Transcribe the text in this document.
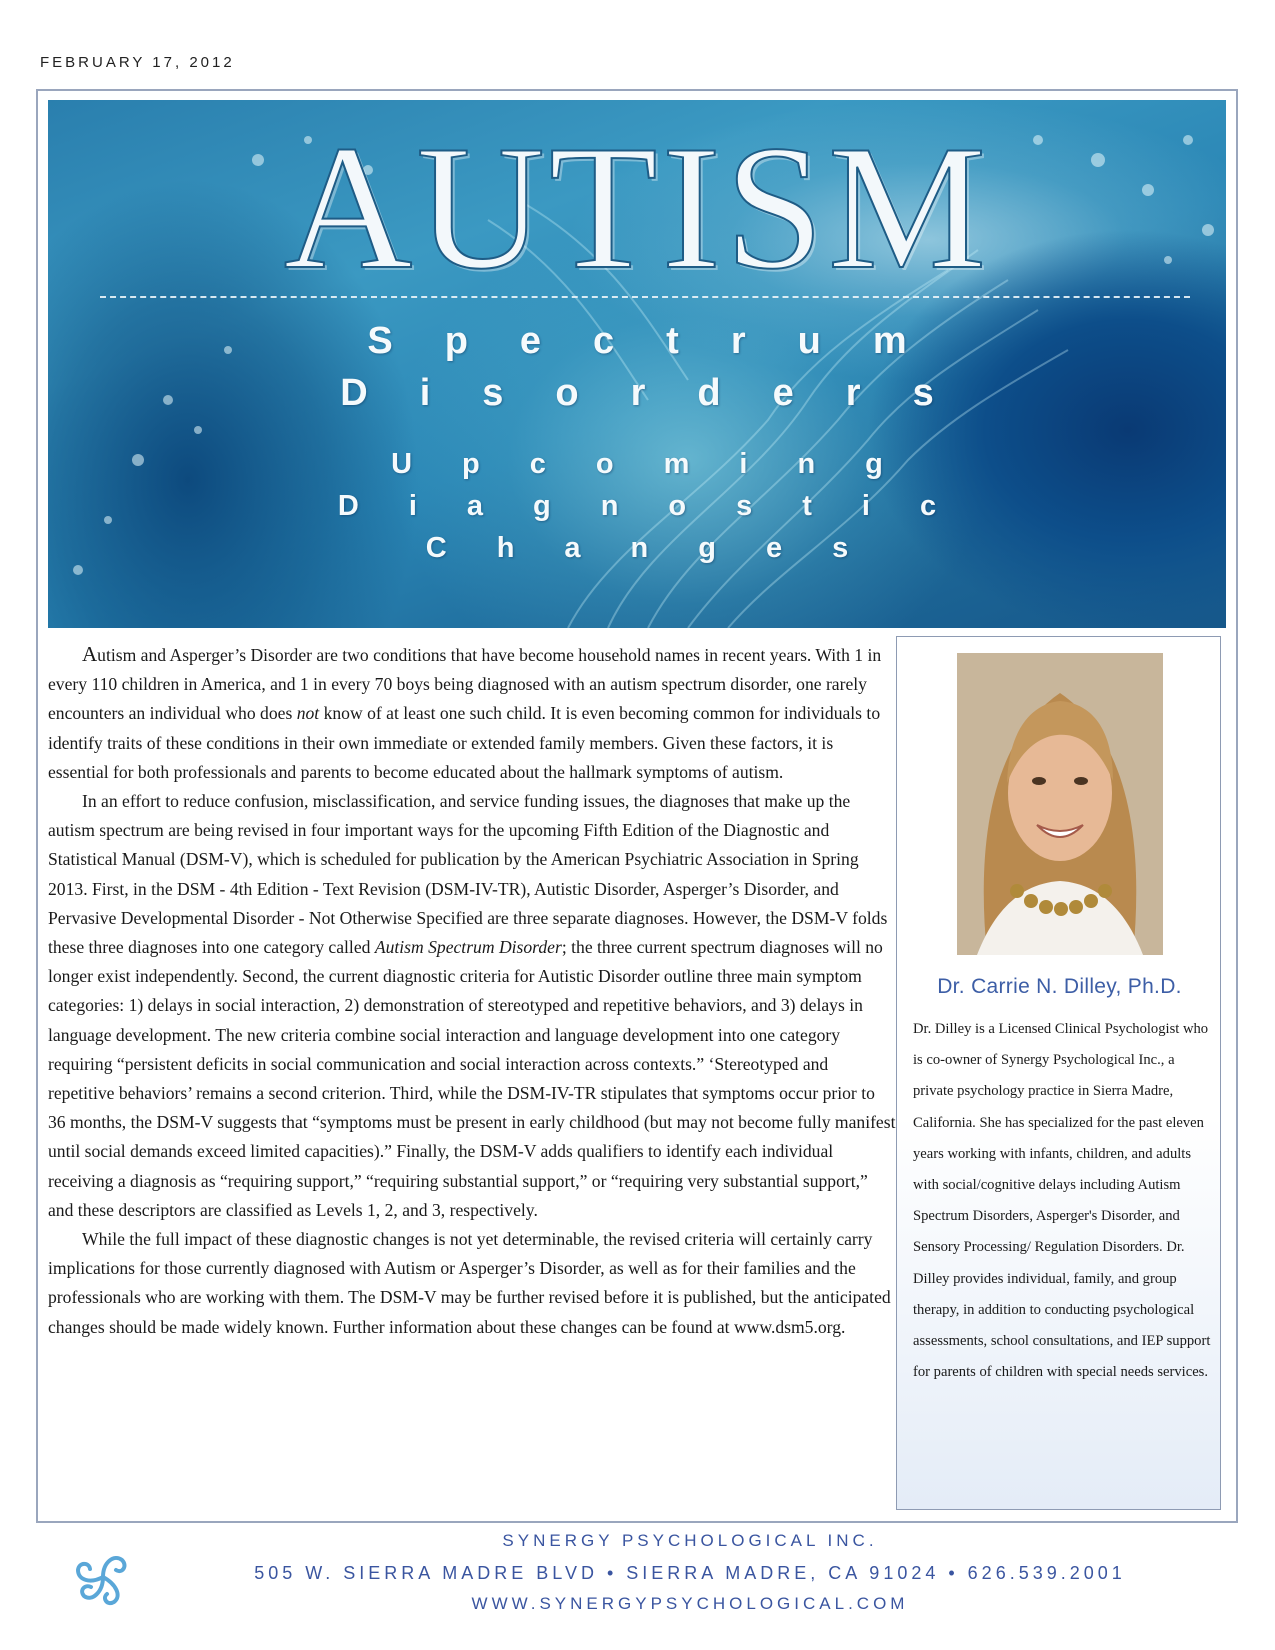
FEBRUARY 17, 2012
AUTISM
Spectrum
Disorders
Upcoming
Diagnostic
Changes

Autism and Asperger’s Disorder are two conditions that have become household names in recent years. With 1 in every 110 children in America, and 1 in every 70 boys being diagnosed with an autism spectrum disorder, one rarely encounters an individual who does not know of at least one such child. It is even becoming common for individuals to identify traits of these conditions in their own immediate or extended family members. Given these factors, it is essential for both professionals and parents to become educated about the hallmark symptoms of autism.

In an effort to reduce confusion, misclassification, and service funding issues, the diagnoses that make up the autism spectrum are being revised in four important ways for the upcoming Fifth Edition of the Diagnostic and Statistical Manual (DSM-V), which is scheduled for publication by the American Psychiatric Association in Spring 2013. First, in the DSM - 4th Edition - Text Revision (DSM-IV-TR), Autistic Disorder, Asperger’s Disorder, and Pervasive Developmental Disorder - Not Otherwise Specified are three separate diagnoses. However, the DSM-V folds these three diagnoses into one category called Autism Spectrum Disorder; the three current spectrum diagnoses will no longer exist independently. Second, the current diagnostic criteria for Autistic Disorder outline three main symptom categories: 1) delays in social interaction, 2) demonstration of stereotyped and repetitive behaviors, and 3) delays in language development. The new criteria combine social interaction and language development into one category requiring “persistent deficits in social communication and social interaction across contexts.” ‘Stereotyped and repetitive behaviors’ remains a second criterion. Third, while the DSM-IV-TR stipulates that symptoms occur prior to 36 months, the DSM-V suggests that “symptoms must be present in early childhood (but may not become fully manifest until social demands exceed limited capacities).” Finally, the DSM-V adds qualifiers to identify each individual receiving a diagnosis as “requiring support,” “requiring substantial support,” or “requiring very substantial support,” and these descriptors are classified as Levels 1, 2, and 3, respectively.

While the full impact of these diagnostic changes is not yet determinable, the revised criteria will certainly carry implications for those currently diagnosed with Autism or Asperger’s Disorder, as well as for their families and the professionals who are working with them. The DSM-V may be further revised before it is published, but the anticipated changes should be made widely known. Further information about these changes can be found at www.dsm5.org.

Dr. Carrie N. Dilley, Ph.D.
Dr. Dilley is a Licensed Clinical Psychologist who is co-owner of Synergy Psychological Inc., a private psychology practice in Sierra Madre, California. She has specialized for the past eleven years working with infants, children, and adults with social/cognitive delays including Autism Spectrum Disorders, Asperger's Disorder, and Sensory Processing/ Regulation Disorders. Dr. Dilley provides individual, family, and group therapy, in addition to conducting psychological assessments, school consultations, and IEP support for parents of children with special needs services.
SYNERGY PSYCHOLOGICAL INC.
505 W. SIERRA MADRE BLVD • SIERRA MADRE, CA 91024 • 626.539.2001
WWW.SYNERGYPSYCHOLOGICAL.COM
